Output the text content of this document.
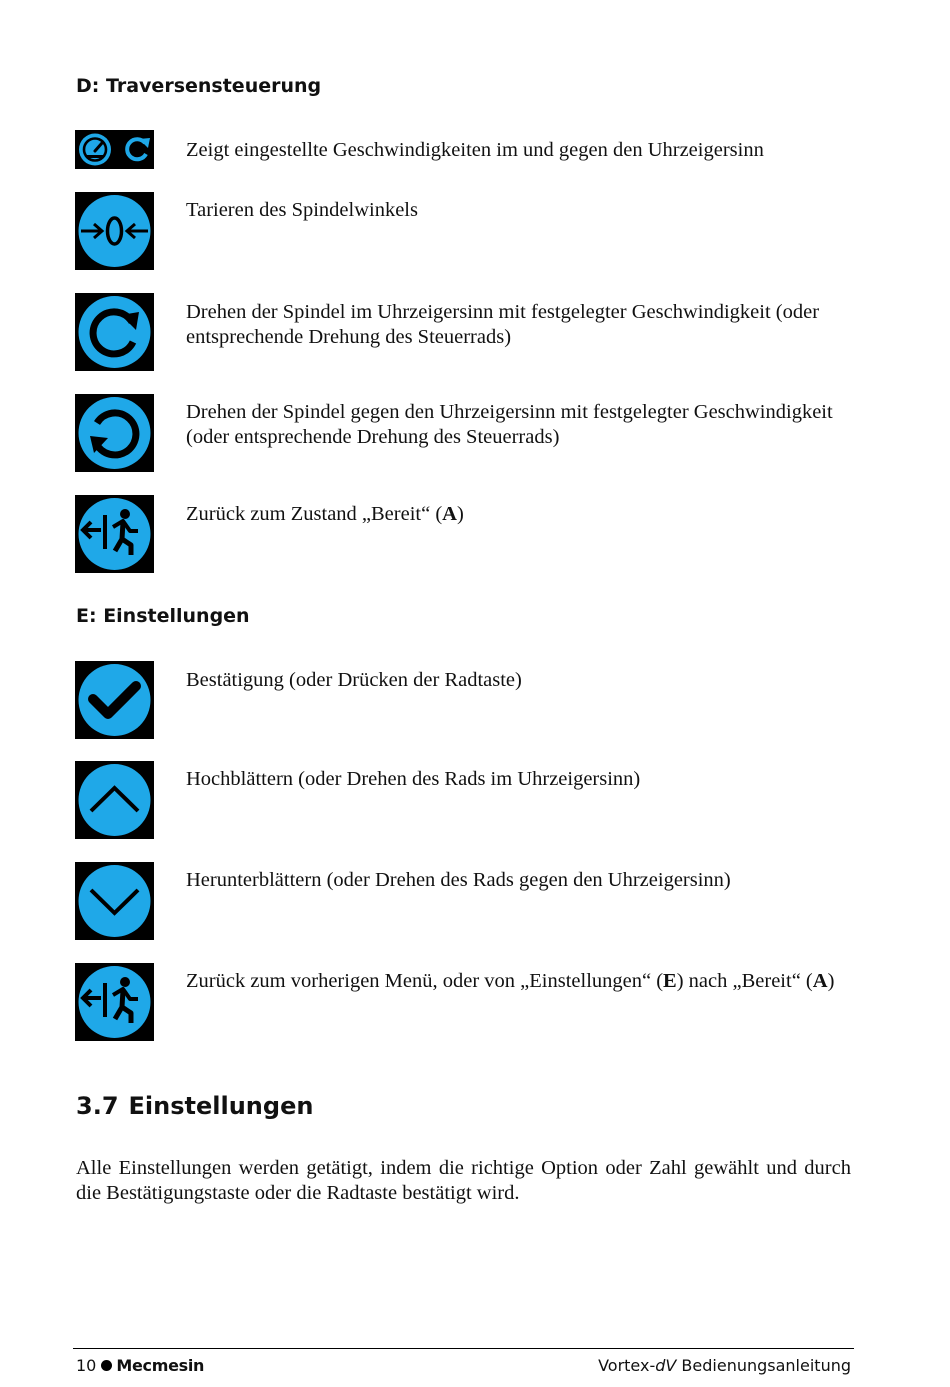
D: Traversensteuerung

Zeigt eingestellte Geschwindigkeiten im und gegen den Uhrzeigersinn

Tarieren des Spindelwinkels

Drehen der Spindel im Uhrzeigersinn mit festgelegter Geschwindigkeit (oder entsprechende Drehung des Steuerrads)

Drehen der Spindel gegen den Uhrzeigersinn mit festgelegter Geschwindigkeit (oder entsprechende Drehung des Steuerrads)

Zurück zum Zustand „Bereit“ (A)

E: Einstellungen

Bestätigung (oder Drücken der Radtaste)

Hochblättern (oder Drehen des Rads im Uhrzeigersinn)

Herunterblättern (oder Drehen des Rads gegen den Uhrzeigersinn)

Zurück zum vorherigen Menü, oder von „Einstellungen“ (E) nach „Bereit“ (A)

3.7 Einstellungen

Alle Einstellungen werden getätigt, indem die richtige Option oder Zahl gewählt und durch die Bestätigungstaste oder die Radtaste bestätigt wird.

10 Mecmesin	Vortex-dV Bedienungsanleitung
